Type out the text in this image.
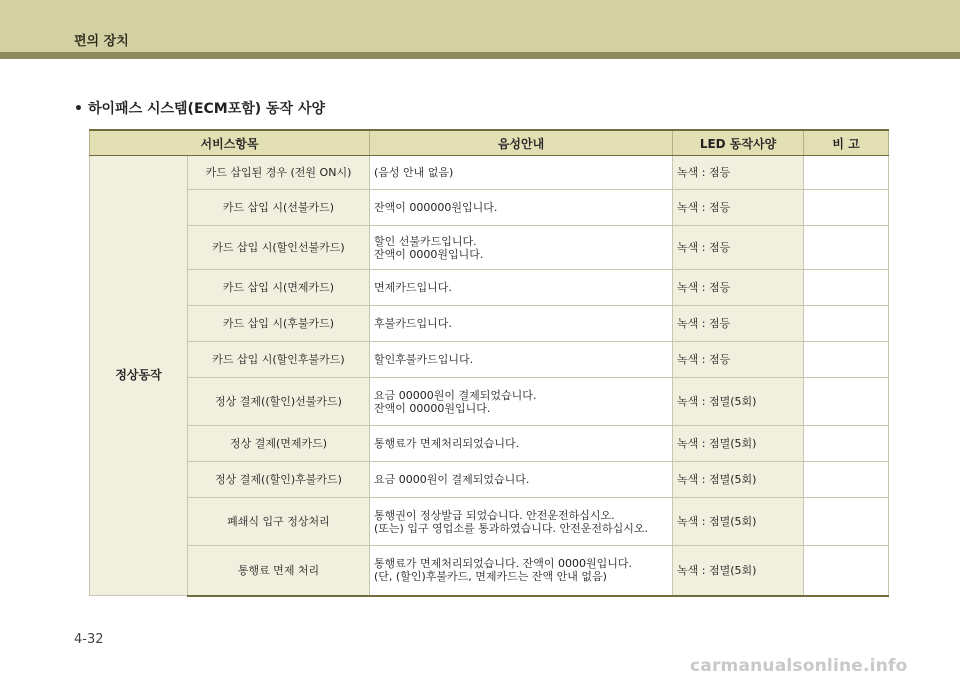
편의 장치
• 하이패스 시스템(ECM포함) 동작 사양
서비스항목		음성안내	LED 동작사양	비 고
정상동작	카드 삽입된 경우 (전원 ON시)	(음성 안내 없음)	녹색 : 점등	
	카드 삽입 시(선불카드)	잔액이 000000원입니다.	녹색 : 점등	
	카드 삽입 시(할인선불카드)	할인 선불카드입니다.
잔액이 0000원입니다.	녹색 : 점등	
	카드 삽입 시(면제카드)	면제카드입니다.	녹색 : 점등	
	카드 삽입 시(후불카드)	후불카드입니다.	녹색 : 점등	
	카드 삽입 시(할인후불카드)	할인후불카드입니다.	녹색 : 점등	
	정상 결제((할인)선불카드)	요금 00000원이 결제되었습니다.
잔액이 00000원입니다.	녹색 : 점멸(5회)	
	정상 결제(면제카드)	통행료가 면제처리되었습니다.	녹색 : 점멸(5회)	
	정상 결제((할인)후불카드)	요금 0000원이 결제되었습니다.	녹색 : 점멸(5회)	
	폐쇄식 입구 정상처리	통행권이 정상발급 되었습니다. 안전운전하십시오.
(또는) 입구 영업소를 통과하였습니다. 안전운전하십시오.	녹색 : 점멸(5회)	
	통행료 면제 처리	통행료가 면제처리되었습니다. 잔액이 0000원입니다.
(단, (할인)후불카드, 면제카드는 잔액 안내 없음)	녹색 : 점멸(5회)	
4-32
carmanualsonline.info
